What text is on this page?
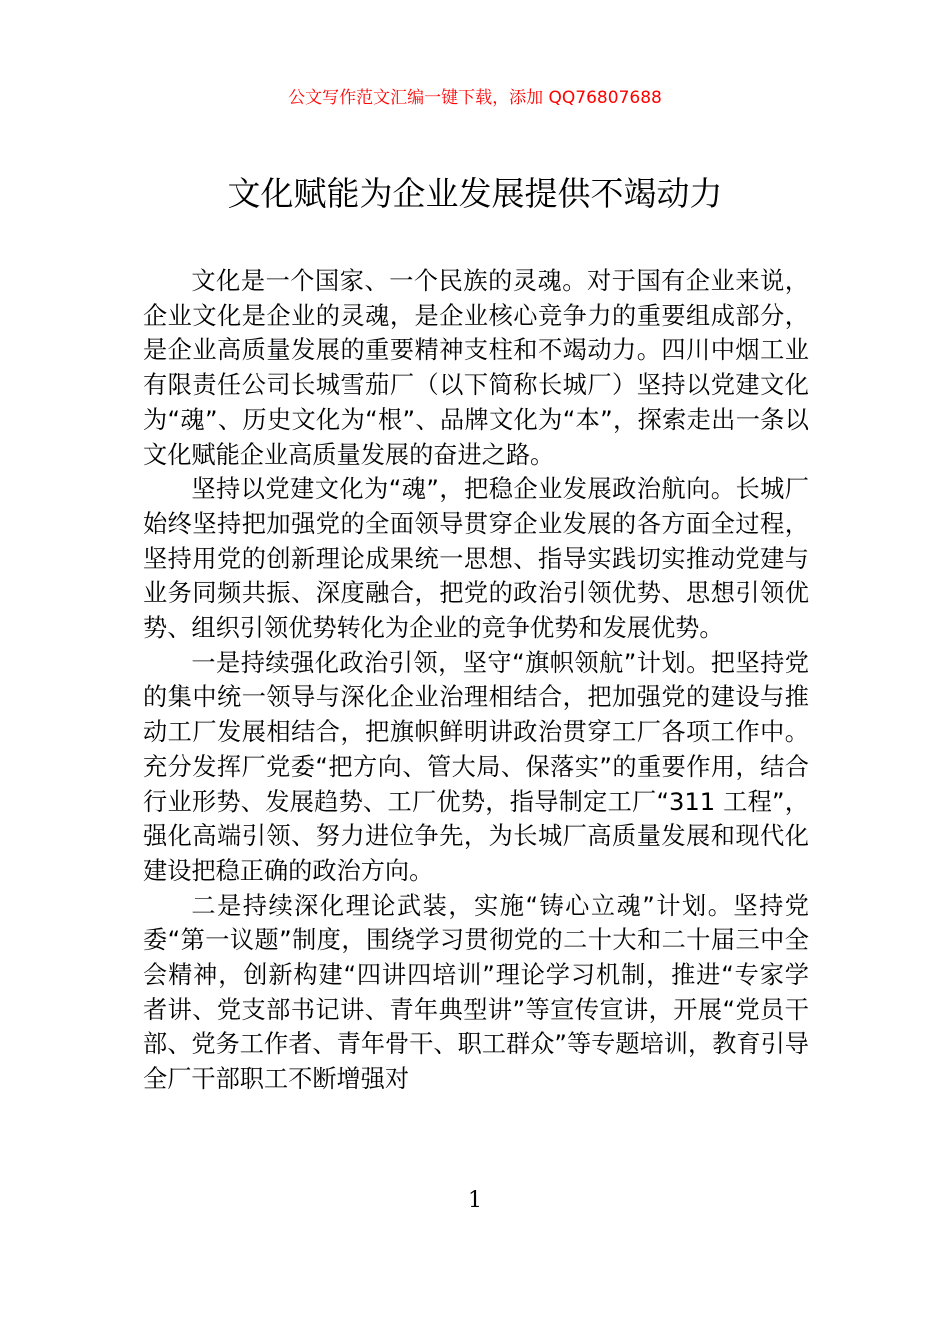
公文写作范文汇编一键下载，添加 QQ76807688
文化赋能为企业发展提供不竭动力

文化是一个国家、一个民族的灵魂。对于国有企业来说，企业文化是企业的灵魂，是企业核心竞争力的重要组成部分，是企业高质量发展的重要精神支柱和不竭动力。四川中烟工业有限责任公司长城雪茄厂（以下简称长城厂）坚持以党建文化为“魂”、历史文化为“根”、品牌文化为“本”，探索走出一条以文化赋能企业高质量发展的奋进之路。

坚持以党建文化为“魂”，把稳企业发展政治航向。长城厂始终坚持把加强党的全面领导贯穿企业发展的各方面全过程，坚持用党的创新理论成果统一思想、指导实践切实推动党建与业务同频共振、深度融合，把党的政治引领优势、思想引领优势、组织引领优势转化为企业的竞争优势和发展优势。

一是持续强化政治引领，坚守“旗帜领航”计划。把坚持党的集中统一领导与深化企业治理相结合，把加强党的建设与推动工厂发展相结合，把旗帜鲜明讲政治贯穿工厂各项工作中。充分发挥厂党委“把方向、管大局、保落实”的重要作用，结合行业形势、发展趋势、工厂优势，指导制定工厂“311 工程”，强化高端引领、努力进位争先，为长城厂高质量发展和现代化建设把稳正确的政治方向。

二是持续深化理论武装，实施“铸心立魂”计划。坚持党委“第一议题”制度，围绕学习贯彻党的二十大和二十届三中全会精神，创新构建“四讲四培训”理论学习机制，推进“专家学者讲、党支部书记讲、青年典型讲”等宣传宣讲，开展“党员干部、党务工作者、青年骨干、职工群众”等专题培训，教育引导全厂干部职工不断增强对

1
